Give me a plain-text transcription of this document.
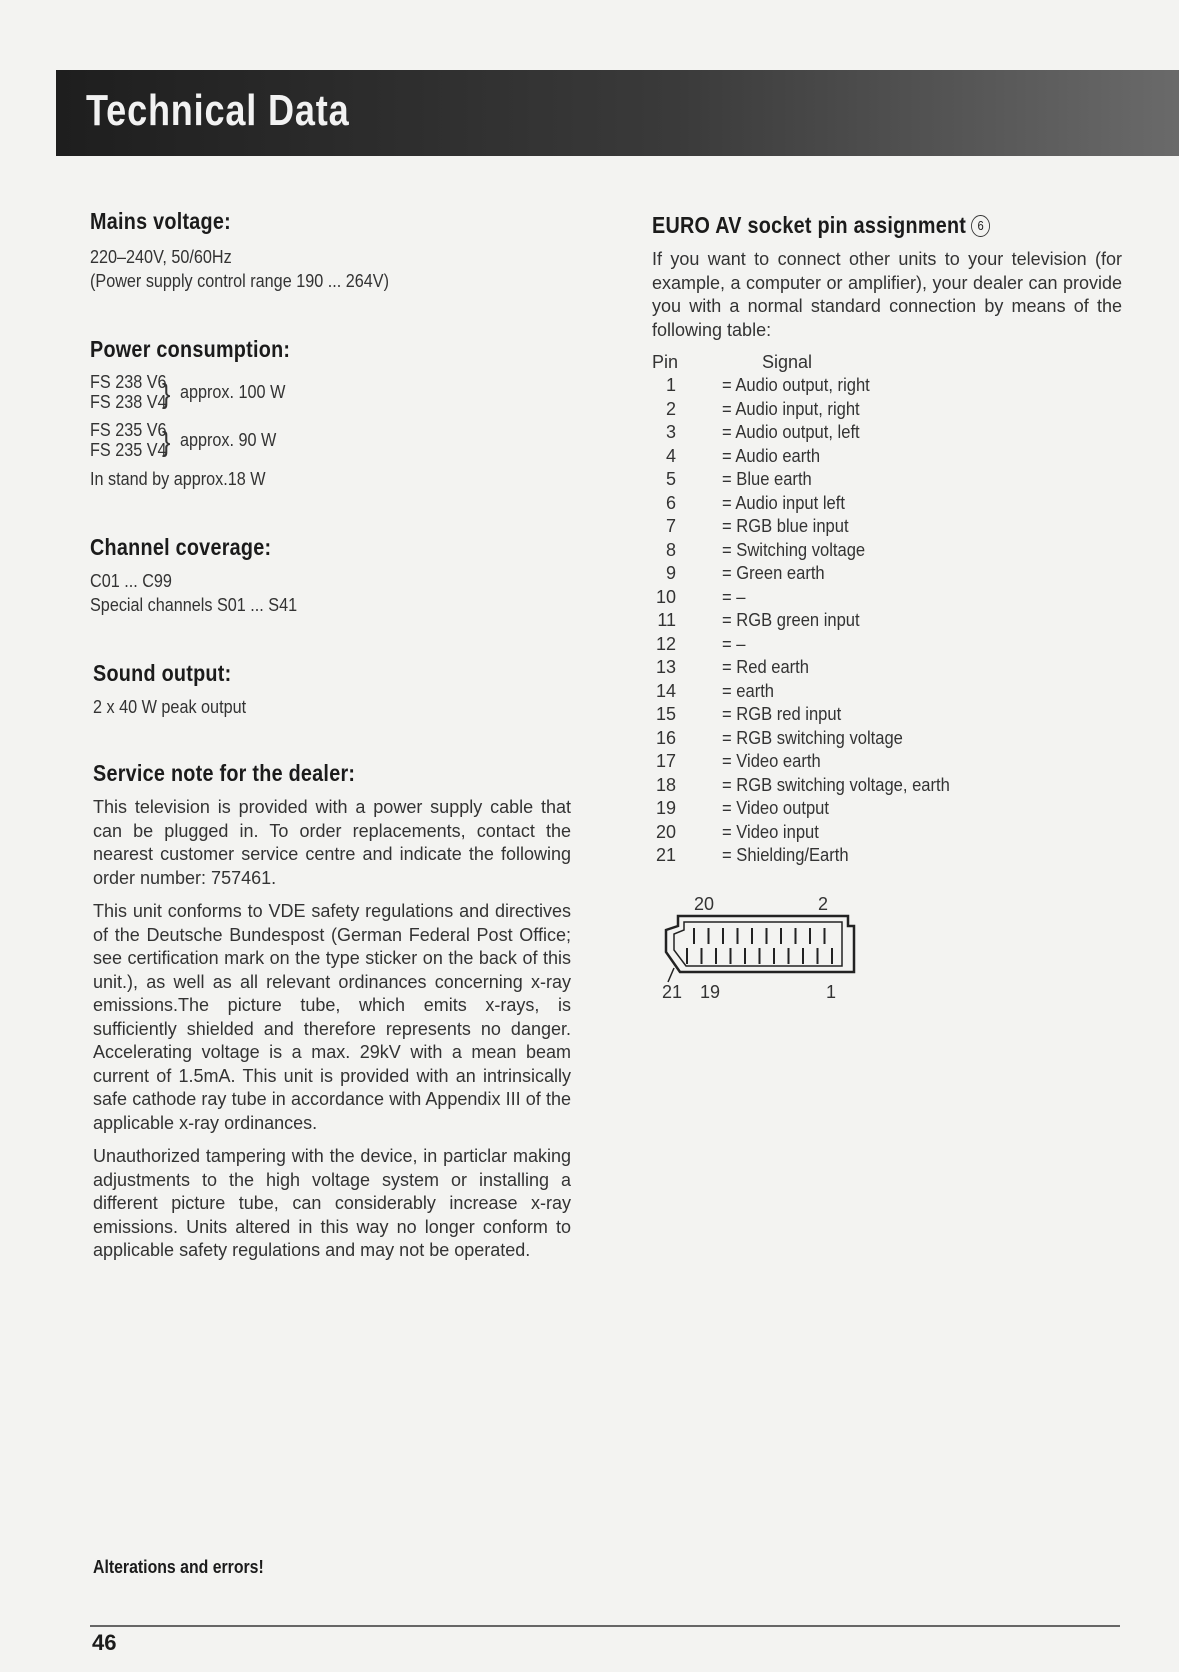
Technical Data
Mains voltage:
220–240V, 50/60Hz
(Power supply control range 190 ... 264V)
Power consumption:
FS 238 V6
FS 238 V4
} approx. 100 W
FS 235 V6
FS 235 V4
} approx. 90 W
In stand by approx.18 W
Channel coverage:
C01 ... C99
Special channels S01 ... S41
Sound output:
2 x 40 W peak output
Service note for the dealer:

This television is provided with a power supply cable that can be plugged in. To order replacements, contact the nearest customer service centre and indicate the following order number: 757461.

This unit conforms to VDE safety regulations and directives of the Deutsche Bundespost (German Federal Post Office; see certification mark on the type sticker on the back of this unit.), as well as all relevant ordinances concerning x-ray emissions.The picture tube, which emits x-rays, is sufficiently shielded and therefore represents no danger. Accelerating voltage is a max. 29kV with a mean beam current of 1.5mA. This unit is provided with an intrinsically safe cathode ray tube in accordance with Appendix III of the applicable x-ray ordinances.

Unauthorized tampering with the device, in particlar making adjustments to the high voltage system or installing a different picture tube, can considerably increase x-ray emissions. Units altered in this way no longer conform to applicable safety regulations and may not be operated.

EURO AV socket pin assignment 6
If you want to connect other units to your television (for example, a computer or amplifier), your dealer can provide you with a normal standard connection by means of the following table:
Pin	Signal
1	= Audio output, right
2	= Audio input, right
3	= Audio output, left
4	= Audio earth
5	= Blue earth
6	= Audio input left
7	= RGB blue input
8	= Switching voltage
9	= Green earth
10	= –
11	= RGB green input
12	= –
13	= Red earth
14	= earth
15	= RGB red input
16	= RGB switching voltage
17	= Video earth
18	= RGB switching voltage, earth
19	= Video output
20	= Video input
21	= Shielding/Earth
20	2
21 19	1
Alterations and errors!
46
